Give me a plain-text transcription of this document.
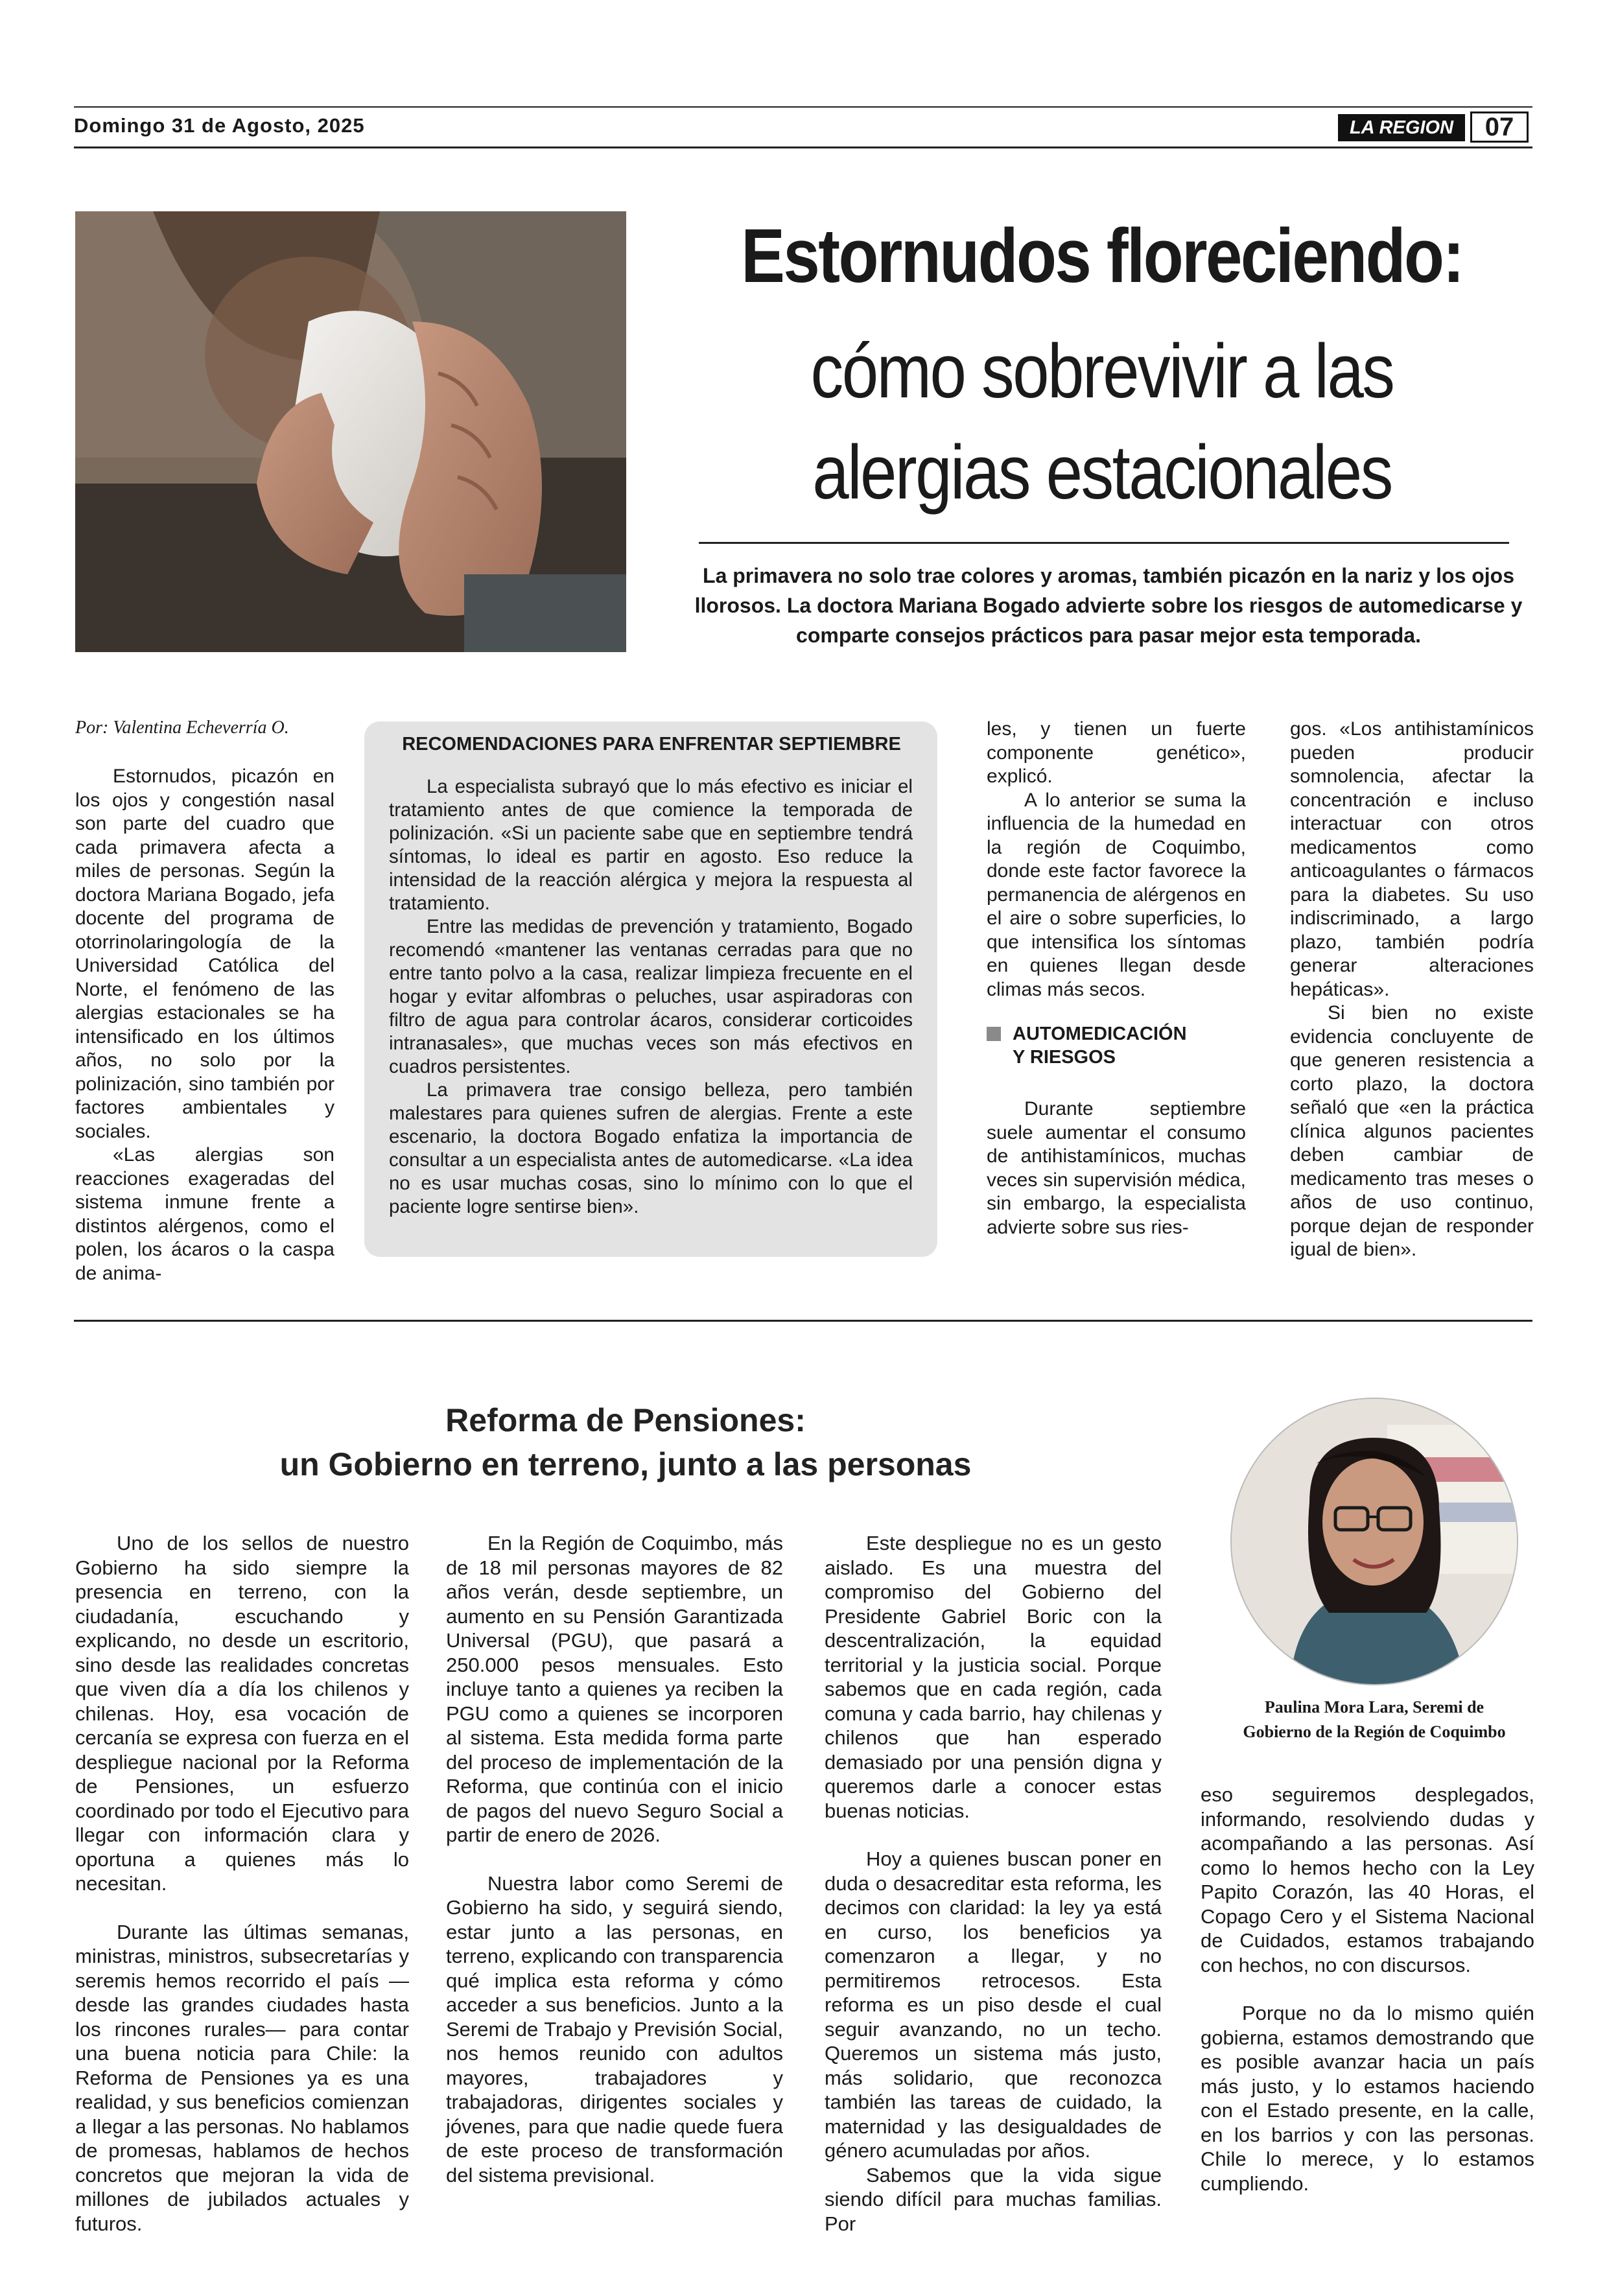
Domingo 31 de Agosto, 2025	LA REGION	07
Estornudos floreciendo:
cómo sobrevivir a las
alergias estacionales
La primavera no solo trae colores y aromas, también picazón en la nariz y los ojos llorosos. La doctora Mariana Bogado advierte sobre los riesgos de automedicarse y comparte consejos prácticos para pasar mejor esta temporada.
Por: Valentina Echeverría O.

Estornudos, picazón en los ojos y congestión nasal son parte del cuadro que cada primavera afecta a miles de personas. Según la doctora Mariana Bogado, jefa docente del programa de otorrinolaringología de la Universidad Católica del Norte, el fenómeno de las alergias estacionales se ha intensificado en los últimos años, no solo por la polinización, sino también por factores ambientales y sociales.

«Las alergias son reacciones exageradas del sistema inmune frente a distintos alérgenos, como el polen, los ácaros o la caspa de anima-

RECOMENDACIONES PARA ENFRENTAR SEPTIEMBRE

La especialista subrayó que lo más efectivo es iniciar el tratamiento antes de que comience la temporada de polinización. «Si un paciente sabe que en septiembre tendrá síntomas, lo ideal es partir en agosto. Eso reduce la intensidad de la reacción alérgica y mejora la respuesta al tratamiento.

Entre las medidas de prevención y tratamiento, Bogado recomendó «mantener las ventanas cerradas para que no entre tanto polvo a la casa, realizar limpieza frecuente en el hogar y evitar alfombras o peluches, usar aspiradoras con filtro de agua para controlar ácaros, considerar corticoides intranasales», que muchas veces son más efectivos en cuadros persistentes.

La primavera trae consigo belleza, pero también malestares para quienes sufren de alergias. Frente a este escenario, la doctora Bogado enfatiza la importancia de consultar a un especialista antes de automedicarse. «La idea no es usar muchas cosas, sino lo mínimo con lo que el paciente logre sentirse bien».

les, y tienen un fuerte componente genético», explicó.

A lo anterior se suma la influencia de la humedad en la región de Coquimbo, donde este factor favorece la permanencia de alérgenos en el aire o sobre superficies, lo que intensifica los síntomas en quienes llegan desde climas más secos.

AUTOMEDICACIÓN
Y RIESGOS

Durante septiembre suele aumentar el consumo de antihistamínicos, muchas veces sin supervisión médica, sin embargo, la especialista advierte sobre sus ries-

gos. «Los antihistamínicos pueden producir somnolencia, afectar la concentración e incluso interactuar con otros medicamentos como anticoagulantes o fármacos para la diabetes. Su uso indiscriminado, a largo plazo, también podría generar alteraciones hepáticas».

Si bien no existe evidencia concluyente de que generen resistencia a corto plazo, la doctora señaló que «en la práctica clínica algunos pacientes deben cambiar de medicamento tras meses o años de uso continuo, porque dejan de responder igual de bien».

Reforma de Pensiones:
un Gobierno en terreno, junto a las personas
Paulina Mora Lara, Seremi de
Gobierno de la Región de Coquimbo

Uno de los sellos de nuestro Gobierno ha sido siempre la presencia en terreno, con la ciudadanía, escuchando y explicando, no desde un escritorio, sino desde las realidades concretas que viven día a día los chilenos y chilenas. Hoy, esa vocación de cercanía se expresa con fuerza en el despliegue nacional por la Reforma de Pensiones, un esfuerzo coordinado por todo el Ejecutivo para llegar con información clara y oportuna a quienes más lo necesitan.

Durante las últimas semanas, ministras, ministros, subsecretarías y seremis hemos recorrido el país —desde las grandes ciudades hasta los rincones rurales— para contar una buena noticia para Chile: la Reforma de Pensiones ya es una realidad, y sus beneficios comienzan a llegar a las personas. No hablamos de promesas, hablamos de hechos concretos que mejoran la vida de millones de jubilados actuales y futuros.

En la Región de Coquimbo, más de 18 mil personas mayores de 82 años verán, desde septiembre, un aumento en su Pensión Garantizada Universal (PGU), que pasará a 250.000 pesos mensuales. Esto incluye tanto a quienes ya reciben la PGU como a quienes se incorporen al sistema. Esta medida forma parte del proceso de implementación de la Reforma, que continúa con el inicio de pagos del nuevo Seguro Social a partir de enero de 2026.

Nuestra labor como Seremi de Gobierno ha sido, y seguirá siendo, estar junto a las personas, en terreno, explicando con transparencia qué implica esta reforma y cómo acceder a sus beneficios. Junto a la Seremi de Trabajo y Previsión Social, nos hemos reunido con adultos mayores, trabajadores y trabajadoras, dirigentes sociales y jóvenes, para que nadie quede fuera de este proceso de transformación del sistema previsional.

Este despliegue no es un gesto aislado. Es una muestra del compromiso del Gobierno del Presidente Gabriel Boric con la descentralización, la equidad territorial y la justicia social. Porque sabemos que en cada región, cada comuna y cada barrio, hay chilenas y chilenos que han esperado demasiado por una pensión digna y queremos darle a conocer estas buenas noticias.

Hoy a quienes buscan poner en duda o desacreditar esta reforma, les decimos con claridad: la ley ya está en curso, los beneficios ya comenzaron a llegar, y no permitiremos retrocesos. Esta reforma es un piso desde el cual seguir avanzando, no un techo. Queremos un sistema más justo, más solidario, que reconozca también las tareas de cuidado, la maternidad y las desigualdades de género acumuladas por años.

Sabemos que la vida sigue siendo difícil para muchas familias. Por

eso seguiremos desplegados, informando, resolviendo dudas y acompañando a las personas. Así como lo hemos hecho con la Ley Papito Corazón, las 40 Horas, el Copago Cero y el Sistema Nacional de Cuidados, estamos trabajando con hechos, no con discursos.

Porque no da lo mismo quién gobierna, estamos demostrando que es posible avanzar hacia un país más justo, y lo estamos haciendo con el Estado presente, en la calle, en los barrios y con las personas. Chile lo merece, y lo estamos cumpliendo.
